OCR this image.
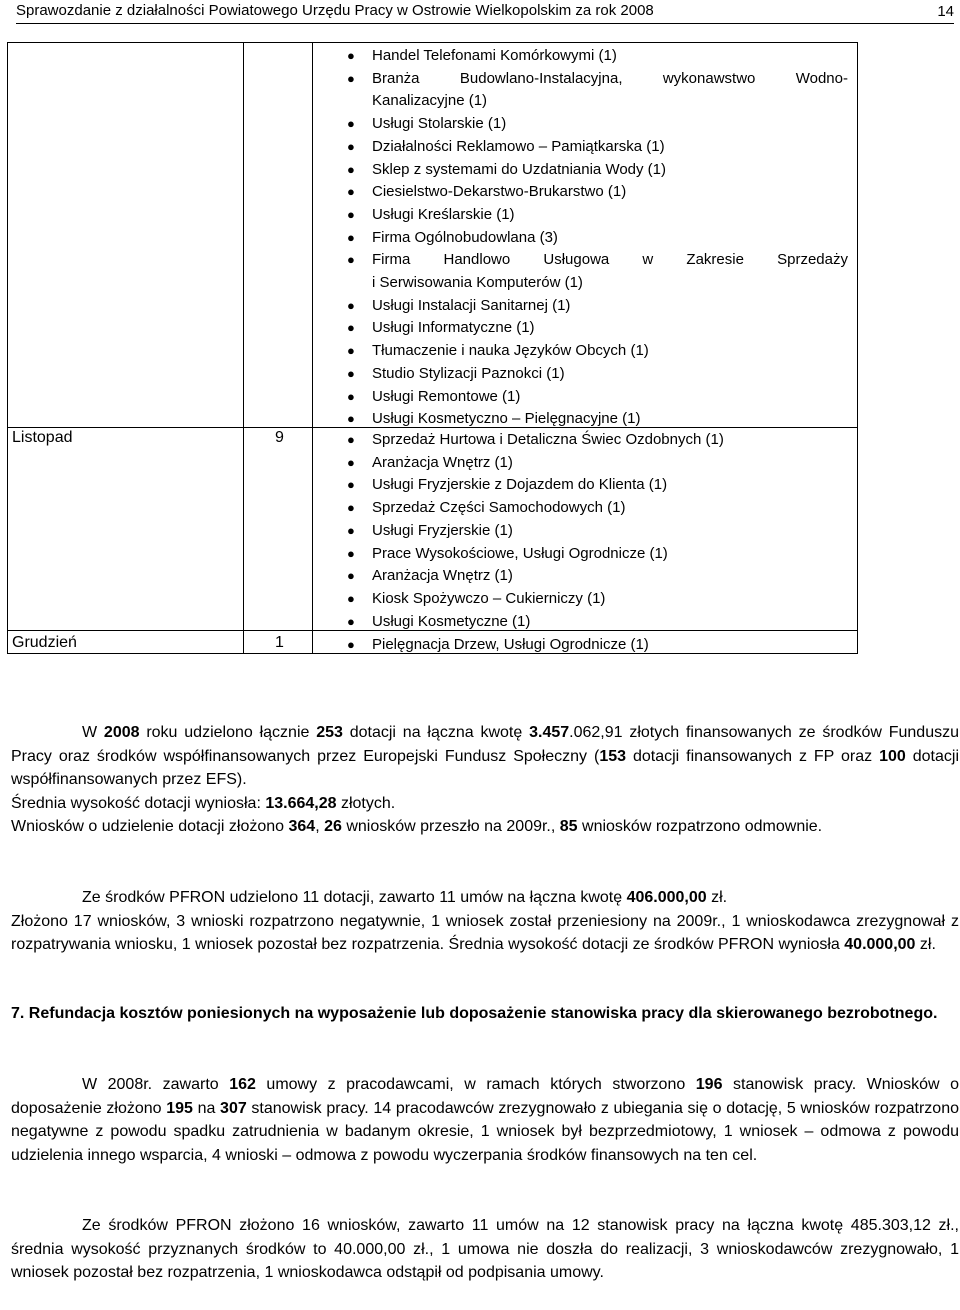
Sprawozdanie z działalności Powiatowego Urzędu Pracy w Ostrowie Wielkopolskim za rok 2008	14
● Handel Telefonami Komórkowymi (1)
● Branża Budowlano-Instalacyjna, wykonawstwo Wodno-
Kanalizacyjne (1)
● Usługi Stolarskie (1)
● Działalności Reklamowo – Pamiątkarska (1)
● Sklep z systemami do Uzdatniania Wody (1)
● Ciesielstwo-Dekarstwo-Brukarstwo (1)
● Usługi Kreślarskie (1)
● Firma Ogólnobudowlana (3)
● Firma Handlowo Usługowa w Zakresie Sprzedaży
i Serwisowania Komputerów (1)
● Usługi Instalacji Sanitarnej (1)
● Usługi Informatyczne (1)
● Tłumaczenie i nauka Języków Obcych (1)
● Studio Stylizacji Paznokci (1)
● Usługi Remontowe (1)
● Usługi Kosmetyczno – Pielęgnacyjne (1)
Listopad	9	● Sprzedaż Hurtowa i Detaliczna Świec Ozdobnych (1)
● Aranżacja Wnętrz (1)
● Usługi Fryzjerskie z Dojazdem do Klienta (1)
● Sprzedaż Części Samochodowych (1)
● Usługi Fryzjerskie (1)
● Prace Wysokościowe, Usługi Ogrodnicze (1)
● Aranżacja Wnętrz (1)
● Kiosk Spożywczo – Cukierniczy (1)
● Usługi Kosmetyczne (1)
Grudzień	1	● Pielęgnacja Drzew, Usługi Ogrodnicze (1)

W 2008 roku udzielono łącznie 253 dotacji na łączna kwotę 3.457.062,91 złotych finansowanych ze środków Funduszu Pracy oraz środków współfinansowanych przez Europejski Fundusz Społeczny (153 dotacji finansowanych z FP oraz 100 dotacji współfinansowanych przez EFS).

Średnia wysokość dotacji wyniosła: 13.664,28 złotych.

Wniosków o udzielenie dotacji złożono 364, 26 wniosków przeszło na 2009r., 85 wniosków rozpatrzono odmownie.

Ze środków PFRON udzielono 11 dotacji, zawarto 11 umów na łączna kwotę 406.000,00 zł.

Złożono 17 wniosków, 3 wnioski rozpatrzono negatywnie, 1 wniosek został przeniesiony na 2009r., 1 wnioskodawca zrezygnował z rozpatrywania wniosku, 1 wniosek pozostał bez rozpatrzenia. Średnia wysokość dotacji ze środków PFRON wyniosła 40.000,00 zł.

7. Refundacja kosztów poniesionych na wyposażenie lub doposażenie stanowiska pracy dla skierowanego bezrobotnego.

W 2008r. zawarto 162 umowy z pracodawcami, w ramach których stworzono 196 stanowisk pracy. Wniosków o doposażenie złożono 195 na 307 stanowisk pracy. 14 pracodawców zrezygnowało z ubiegania się o dotację, 5 wniosków rozpatrzono negatywne z powodu spadku zatrudnienia w badanym okresie, 1 wniosek był bezprzedmiotowy, 1 wniosek – odmowa z powodu udzielenia innego wsparcia, 4 wnioski – odmowa z powodu wyczerpania środków finansowych na ten cel.

Ze środków PFRON złożono 16 wniosków, zawarto 11 umów na 12 stanowisk pracy na łączna kwotę 485.303,12 zł., średnia wysokość przyznanych środków to 40.000,00 zł., 1 umowa nie doszła do realizacji, 3 wnioskodawców zrezygnowało, 1 wniosek pozostał bez rozpatrzenia, 1 wnioskodawca odstąpił od podpisania umowy.
